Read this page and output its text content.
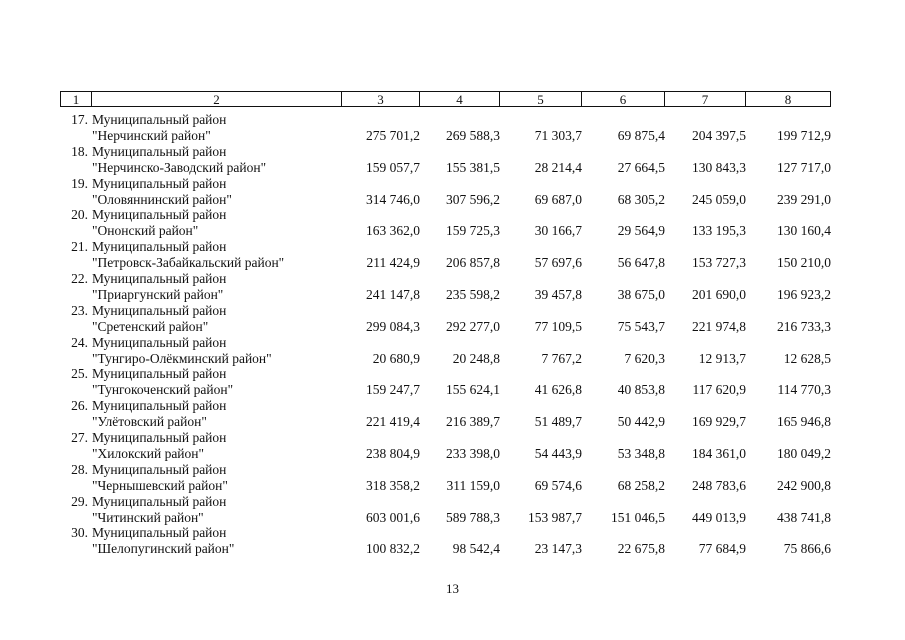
1	2	3	4	5	6	7	8
17. Муниципальный район
"Нерчинский район"	275 701,2	269 588,3	71 303,7	69 875,4	204 397,5	199 712,9
18. Муниципальный район
"Нерчинско-Заводский район"	159 057,7	155 381,5	28 214,4	27 664,5	130 843,3	127 717,0
19. Муниципальный район
"Оловяннинский район"	314 746,0	307 596,2	69 687,0	68 305,2	245 059,0	239 291,0
20. Муниципальный район
"Ононский район"	163 362,0	159 725,3	30 166,7	29 564,9	133 195,3	130 160,4
21. Муниципальный район
"Петровск-Забайкальский район"	211 424,9	206 857,8	57 697,6	56 647,8	153 727,3	150 210,0
22. Муниципальный район
"Приаргунский район"	241 147,8	235 598,2	39 457,8	38 675,0	201 690,0	196 923,2
23. Муниципальный район
"Сретенский район"	299 084,3	292 277,0	77 109,5	75 543,7	221 974,8	216 733,3
24. Муниципальный район
"Тунгиро-Олёкминский район"	20 680,9	20 248,8	7 767,2	7 620,3	12 913,7	12 628,5
25. Муниципальный район
"Тунгокоченский район"	159 247,7	155 624,1	41 626,8	40 853,8	117 620,9	114 770,3
26. Муниципальный район
"Улётовский район"	221 419,4	216 389,7	51 489,7	50 442,9	169 929,7	165 946,8
27. Муниципальный район
"Хилокский район"	238 804,9	233 398,0	54 443,9	53 348,8	184 361,0	180 049,2
28. Муниципальный район
"Чернышевский район"	318 358,2	311 159,0	69 574,6	68 258,2	248 783,6	242 900,8
29. Муниципальный район
"Читинский район"	603 001,6	589 788,3	153 987,7	151 046,5	449 013,9	438 741,8
30. Муниципальный район
"Шелопугинский район"	100 832,2	98 542,4	23 147,3	22 675,8	77 684,9	75 866,6
13
